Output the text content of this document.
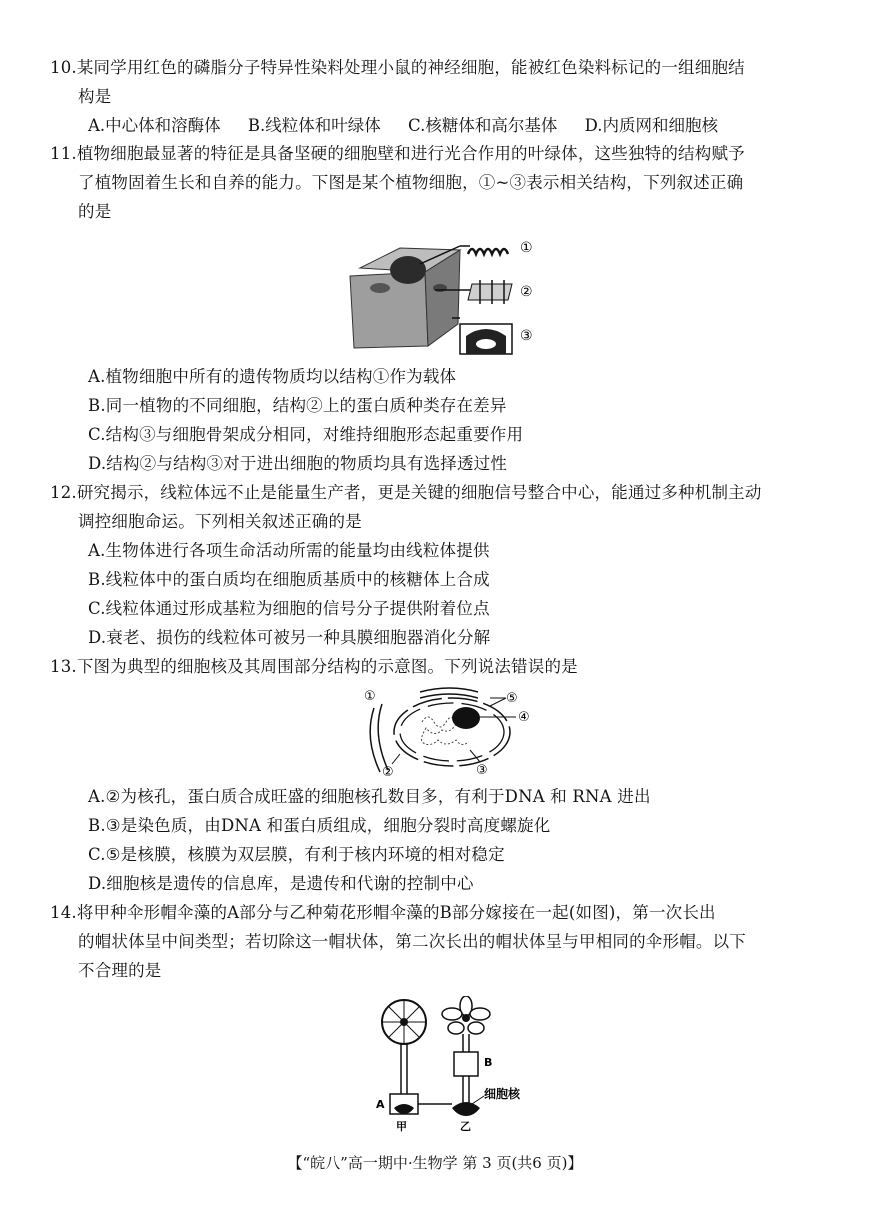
10.某同学用红色的磷脂分子特异性染料处理小鼠的神经细胞，能被红色染料标记的一组细胞结
构是
A.中心体和溶酶体 B.线粒体和叶绿体 C.核糖体和高尔基体 D.内质网和细胞核
11.植物细胞最显著的特征是具备坚硬的细胞壁和进行光合作用的叶绿体，这些独特的结构赋予
了植物固着生长和自养的能力。下图是某个植物细胞，①~③表示相关结构，下列叙述正确
的是
①
②
③
A.植物细胞中所有的遗传物质均以结构①作为载体
B.同一植物的不同细胞，结构②上的蛋白质种类存在差异
C.结构③与细胞骨架成分相同，对维持细胞形态起重要作用
D.结构②与结构③对于进出细胞的物质均具有选择透过性
12.研究揭示，线粒体远不止是能量生产者，更是关键的细胞信号整合中心，能通过多种机制主动
调控细胞命运。下列相关叙述正确的是
A.生物体进行各项生命活动所需的能量均由线粒体提供
B.线粒体中的蛋白质均在细胞质基质中的核糖体上合成
C.线粒体通过形成基粒为细胞的信号分子提供附着位点
D.衰老、损伤的线粒体可被另一种具膜细胞器消化分解
13.下图为典型的细胞核及其周围部分结构的示意图。下列说法错误的是
①
②	③
④
⑤
A.②为核孔，蛋白质合成旺盛的细胞核孔数目多，有利于DNA 和 RNA 进出
B.③是染色质，由DNA 和蛋白质组成，细胞分裂时高度螺旋化
C.⑤是核膜，核膜为双层膜，有利于核内环境的相对稳定
D.细胞核是遗传的信息库，是遗传和代谢的控制中心
14.将甲种伞形帽伞藻的A部分与乙种菊花形帽伞藻的B部分嫁接在一起(如图)，第一次长出
的帽状体呈中间类型；若切除这一帽状体，第二次长出的帽状体呈与甲相同的伞形帽。以下
不合理的是
A
B
细胞核
甲	乙
【“皖八”高一期中·生物学 第 3 页(共6 页)】
